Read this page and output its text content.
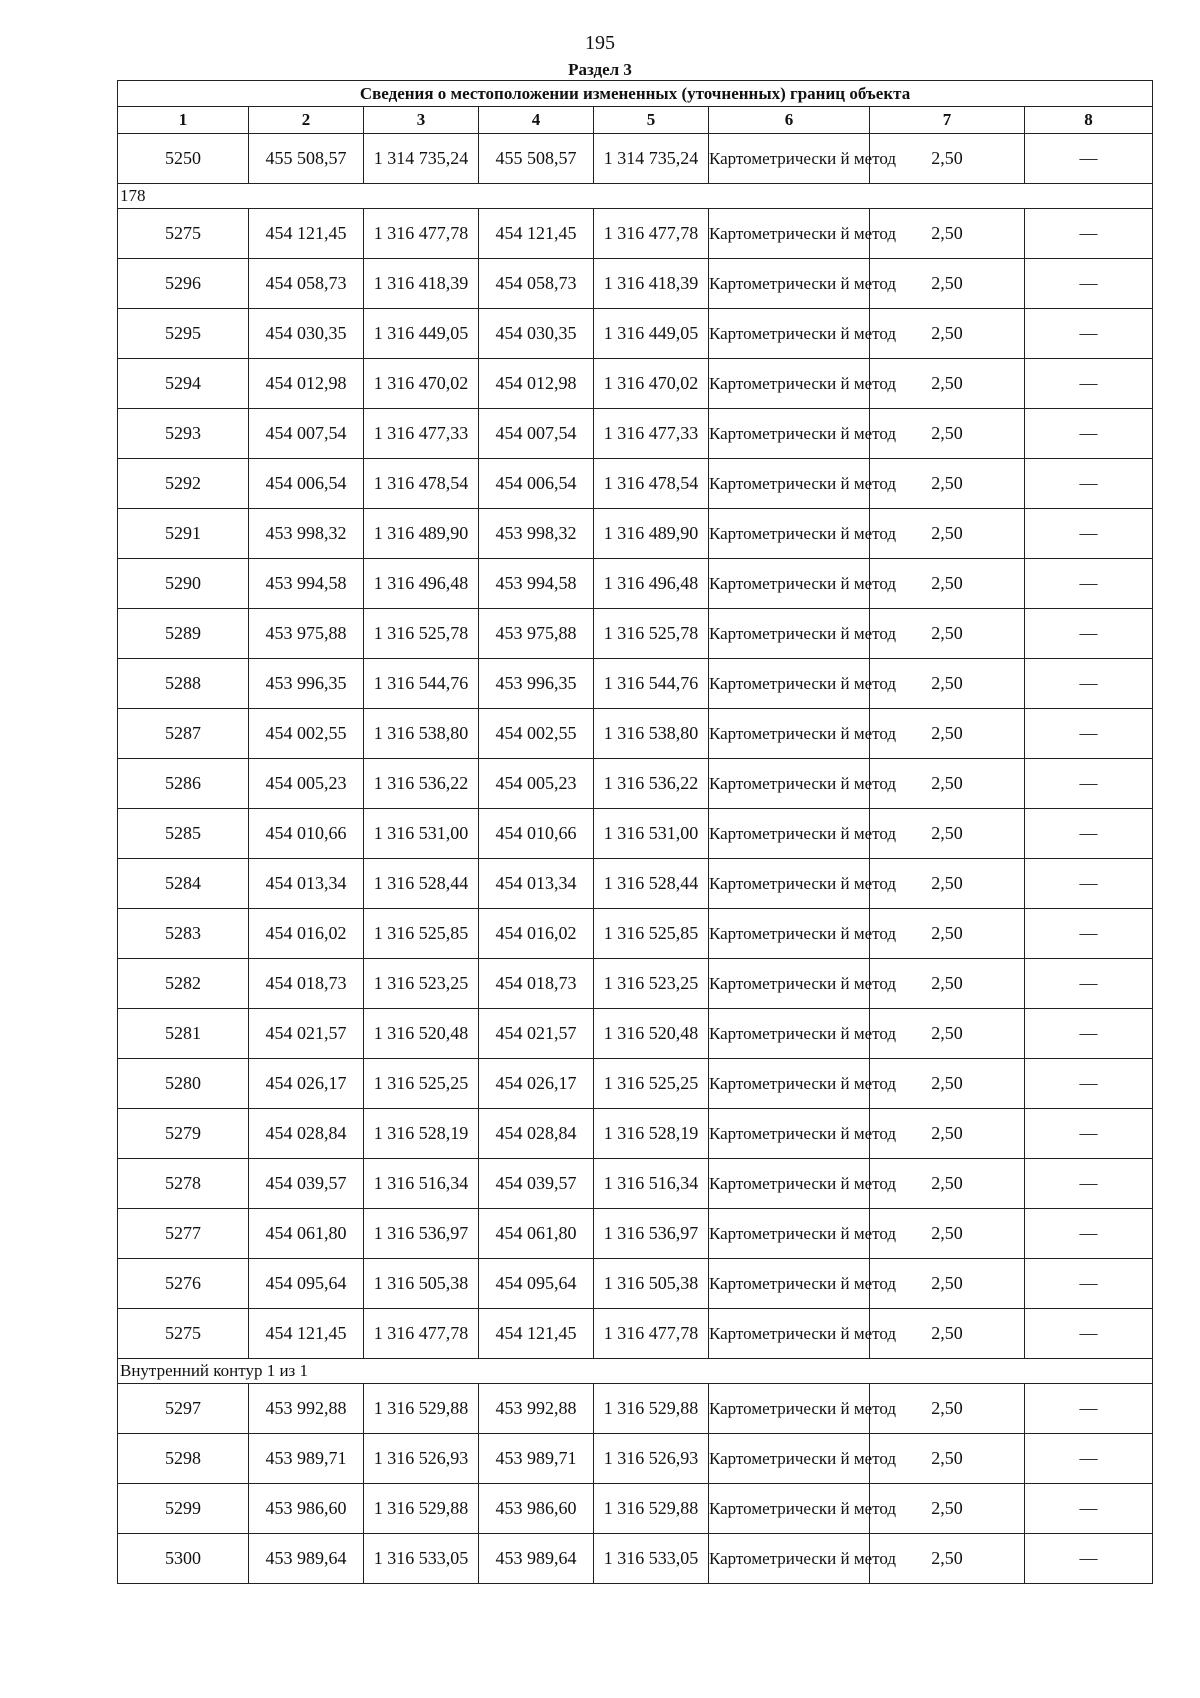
195
Раздел 3
Сведения о местоположении измененных (уточненных) границ объекта							
1	2	3	4	5	6	7	8
5250	455 508,57	1 314 735,24	455 508,57	1 314 735,24	Картометрически й метод	2,50	—
178							
5275	454 121,45	1 316 477,78	454 121,45	1 316 477,78	Картометрически й метод	2,50	—
5296	454 058,73	1 316 418,39	454 058,73	1 316 418,39	Картометрически й метод	2,50	—
5295	454 030,35	1 316 449,05	454 030,35	1 316 449,05	Картометрически й метод	2,50	—
5294	454 012,98	1 316 470,02	454 012,98	1 316 470,02	Картометрически й метод	2,50	—
5293	454 007,54	1 316 477,33	454 007,54	1 316 477,33	Картометрически й метод	2,50	—
5292	454 006,54	1 316 478,54	454 006,54	1 316 478,54	Картометрически й метод	2,50	—
5291	453 998,32	1 316 489,90	453 998,32	1 316 489,90	Картометрически й метод	2,50	—
5290	453 994,58	1 316 496,48	453 994,58	1 316 496,48	Картометрически й метод	2,50	—
5289	453 975,88	1 316 525,78	453 975,88	1 316 525,78	Картометрически й метод	2,50	—
5288	453 996,35	1 316 544,76	453 996,35	1 316 544,76	Картометрически й метод	2,50	—
5287	454 002,55	1 316 538,80	454 002,55	1 316 538,80	Картометрически й метод	2,50	—
5286	454 005,23	1 316 536,22	454 005,23	1 316 536,22	Картометрически й метод	2,50	—
5285	454 010,66	1 316 531,00	454 010,66	1 316 531,00	Картометрически й метод	2,50	—
5284	454 013,34	1 316 528,44	454 013,34	1 316 528,44	Картометрически й метод	2,50	—
5283	454 016,02	1 316 525,85	454 016,02	1 316 525,85	Картометрически й метод	2,50	—
5282	454 018,73	1 316 523,25	454 018,73	1 316 523,25	Картометрически й метод	2,50	—
5281	454 021,57	1 316 520,48	454 021,57	1 316 520,48	Картометрически й метод	2,50	—
5280	454 026,17	1 316 525,25	454 026,17	1 316 525,25	Картометрически й метод	2,50	—
5279	454 028,84	1 316 528,19	454 028,84	1 316 528,19	Картометрически й метод	2,50	—
5278	454 039,57	1 316 516,34	454 039,57	1 316 516,34	Картометрически й метод	2,50	—
5277	454 061,80	1 316 536,97	454 061,80	1 316 536,97	Картометрически й метод	2,50	—
5276	454 095,64	1 316 505,38	454 095,64	1 316 505,38	Картометрически й метод	2,50	—
5275	454 121,45	1 316 477,78	454 121,45	1 316 477,78	Картометрически й метод	2,50	—
Внутренний контур 1 из 1							
5297	453 992,88	1 316 529,88	453 992,88	1 316 529,88	Картометрически й метод	2,50	—
5298	453 989,71	1 316 526,93	453 989,71	1 316 526,93	Картометрически й метод	2,50	—
5299	453 986,60	1 316 529,88	453 986,60	1 316 529,88	Картометрически й метод	2,50	—
5300	453 989,64	1 316 533,05	453 989,64	1 316 533,05	Картометрически й метод	2,50	—
